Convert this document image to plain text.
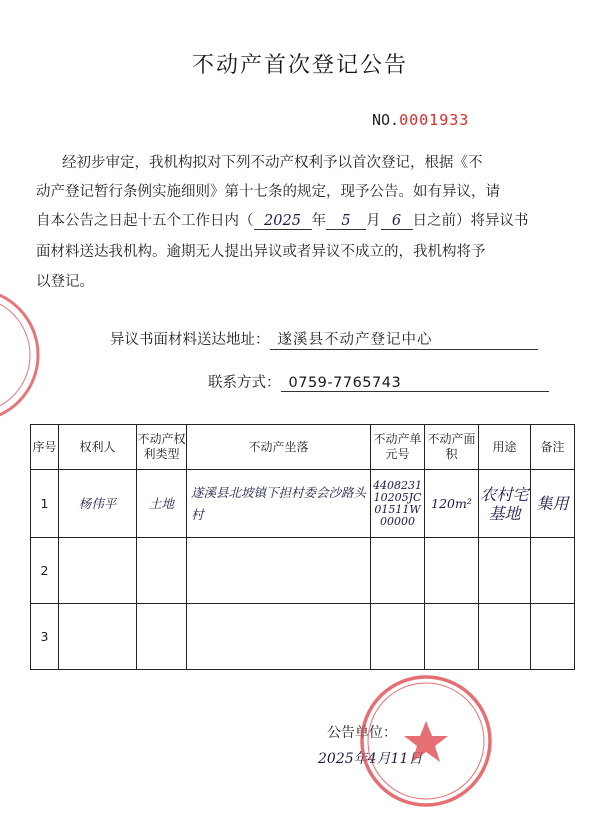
不动产首次登记公告
NO.0001933
经初步审定，我机构拟对下列不动产权利予以首次登记，根据《不
动产登记暂行条例实施细则》第十七条的规定，现予公告。如有异议，请
自本公告之日起十五个工作日内（ 2025 年 5 月 6 日之前）将异议书
面材料送达我机构。逾期无人提出异议或者异议不成立的，我机构将予
以登记。
异议书面材料送达地址： 遂溪县不动产登记中心
联系方式： 0759-7765743
序号	权利人	不动产权利类型	不动产坐落	不动产单元号	不动产面积	用途	备注
1	杨伟平	土地	遂溪县北坡镇下担村委会沙路头村	440823110205JC01511W00000	120m²	农村宅基地	集用
2							
3							
公告单位：
2025年4月11日
